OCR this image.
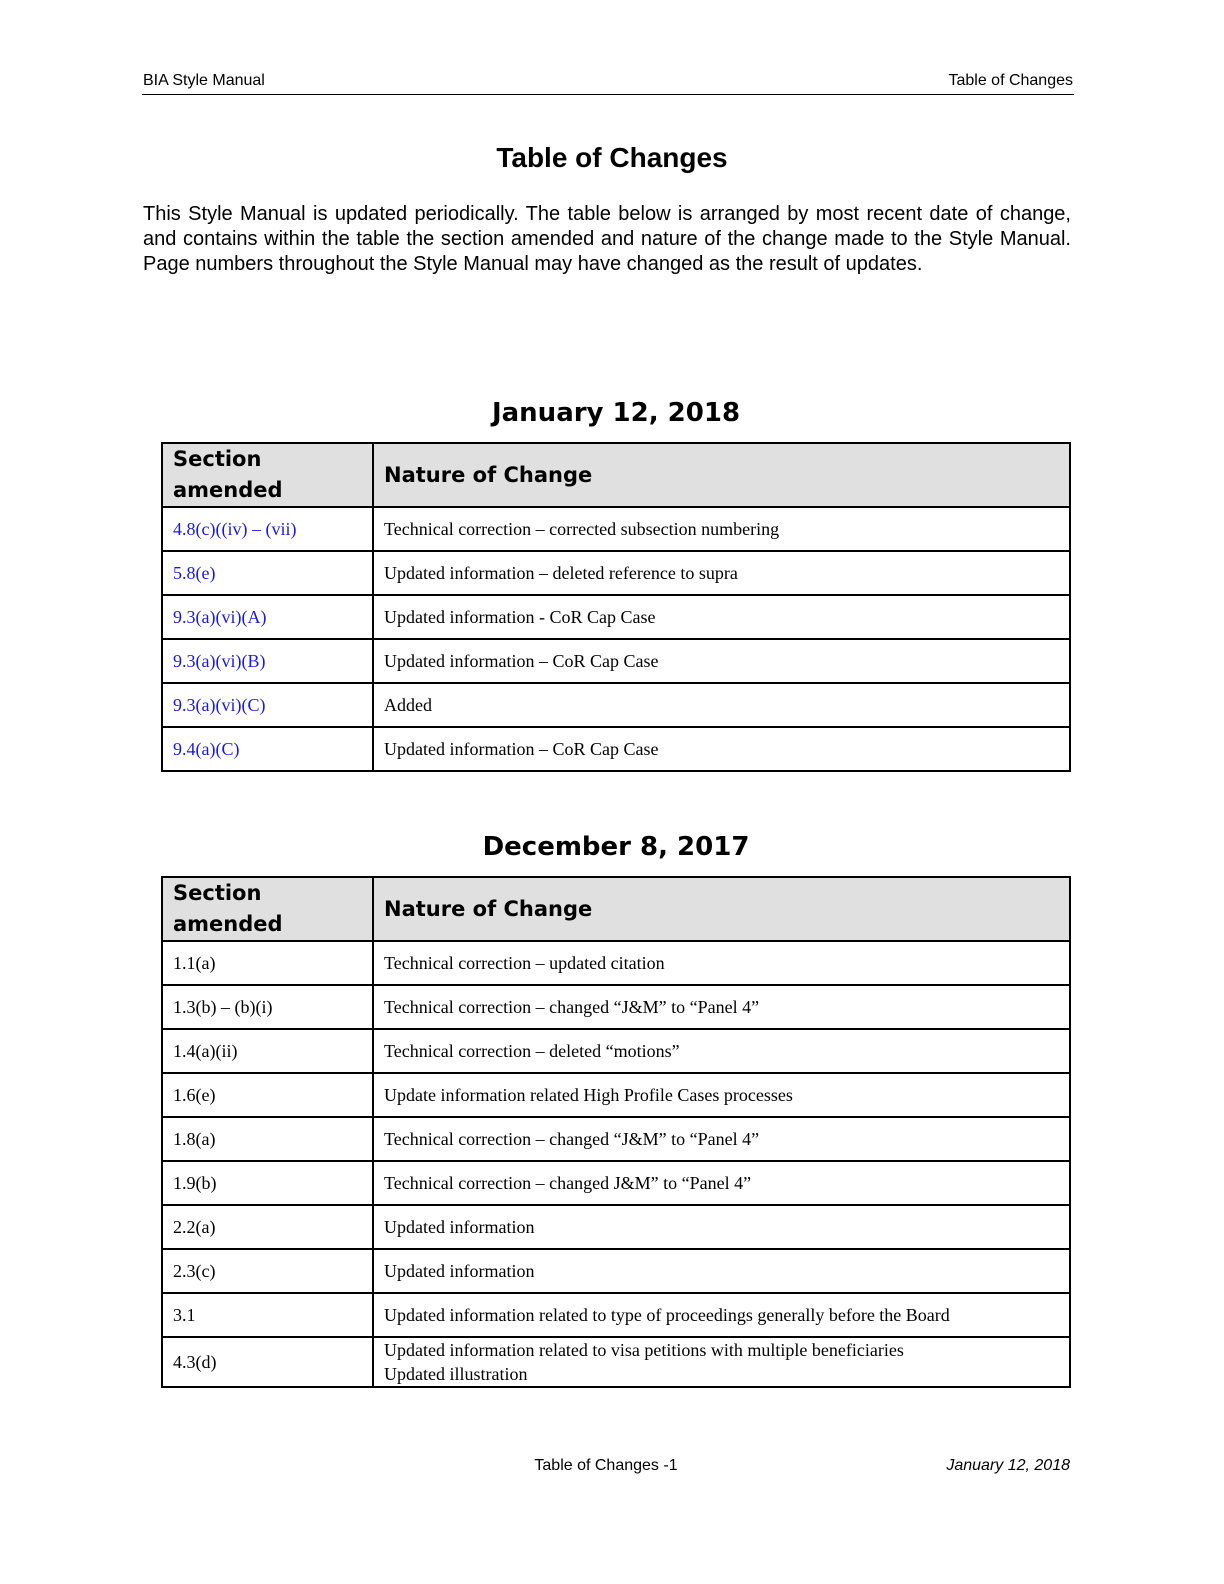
BIA Style Manual	Table of Changes
Table of Changes
This Style Manual is updated periodically. The table below is arranged by most recent date of change, and contains within the table the section amended and nature of the change made to the Style Manual. Page numbers throughout the Style Manual may have changed as the result of updates.
January 12, 2018
Section amended	Nature of Change
4.8(c)((iv) – (vii)	Technical correction – corrected subsection numbering
5.8(e)	Updated information – deleted reference to supra
9.3(a)(vi)(A)	Updated information - CoR Cap Case
9.3(a)(vi)(B)	Updated information – CoR Cap Case
9.3(a)(vi)(C)	Added
9.4(a)(C)	Updated information – CoR Cap Case
December 8, 2017
Section amended	Nature of Change
1.1(a)	Technical correction – updated citation
1.3(b) – (b)(i)	Technical correction – changed “J&M” to “Panel 4”
1.4(a)(ii)	Technical correction – deleted “motions”
1.6(e)	Update information related High Profile Cases processes
1.8(a)	Technical correction – changed “J&M” to “Panel 4”
1.9(b)	Technical correction – changed J&M” to “Panel 4”
2.2(a)	Updated information
2.3(c)	Updated information
3.1	Updated information related to type of proceedings generally before the Board
4.3(d)	Updated information related to visa petitions with multiple beneficiaries
Updated illustration
Table of Changes -1	January 12, 2018
